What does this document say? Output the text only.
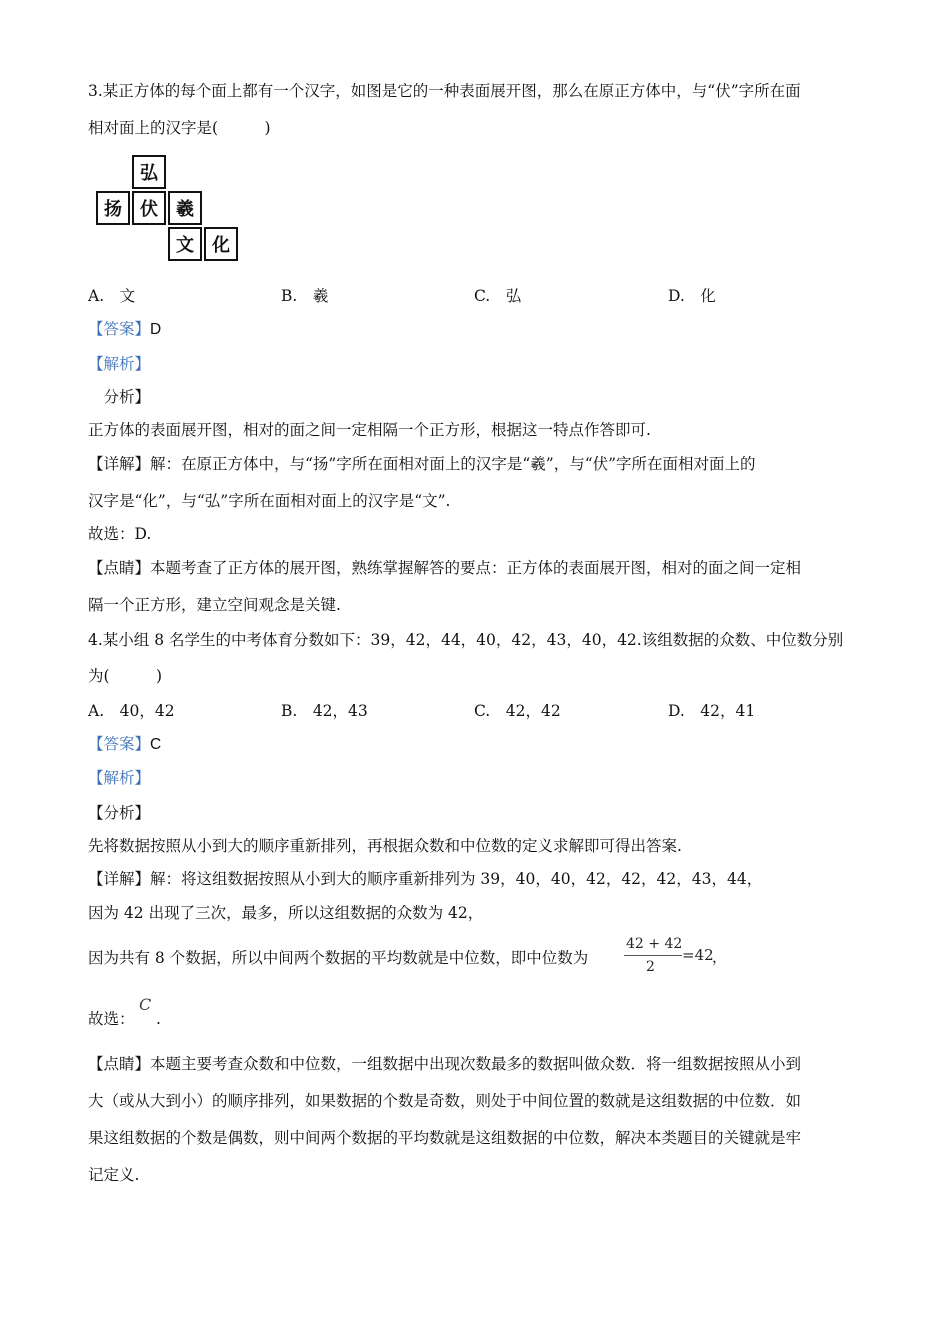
3.某正方体的每个面上都有一个汉字，如图是它的一种表面展开图，那么在原正方体中，与“伏”字所在面
相对面上的汉字是(　　　)
弘
扬	伏	羲
文	化
A.　文	B.　羲	C.　弘	D.　化
【答案】D
【解析】
　分析】
正方体的表面展开图，相对的面之间一定相隔一个正方形，根据这一特点作答即可.
【详解】解：在原正方体中，与“扬”字所在面相对面上的汉字是“羲”，与“伏”字所在面相对面上的
汉字是“化”，与“弘”字所在面相对面上的汉字是“文”.
故选：D.
【点睛】本题考查了正方体的展开图，熟练掌握解答的要点：正方体的表面展开图，相对的面之间一定相
隔一个正方形，建立空间观念是关键.
4.某小组 8 名学生的中考体育分数如下：39，42，44，40，42，43，40，42.该组数据的众数、中位数分别
为(　　　)
A.　40，42	B.　42，43	C.　42，42	D.　42，41
【答案】C
【解析】
【分析】
先将数据按照从小到大的顺序重新排列，再根据众数和中位数的定义求解即可得出答案.
【详解】解：将这组数据按照从小到大的顺序重新排列为 39，40，40，42，42，42，43，44，
因为 42 出现了三次，最多，所以这组数据的众数为 42，
因为共有 8 个数据，所以中间两个数据的平均数就是中位数，即中位数为
42 + 42
2
=42
，
故选：
C
.
【点睛】本题主要考查众数和中位数，一组数据中出现次数最多的数据叫做众数．将一组数据按照从小到
大（或从大到小）的顺序排列，如果数据的个数是奇数，则处于中间位置的数就是这组数据的中位数．如
果这组数据的个数是偶数，则中间两个数据的平均数就是这组数据的中位数，解决本类题目的关键就是牢
记定义.
